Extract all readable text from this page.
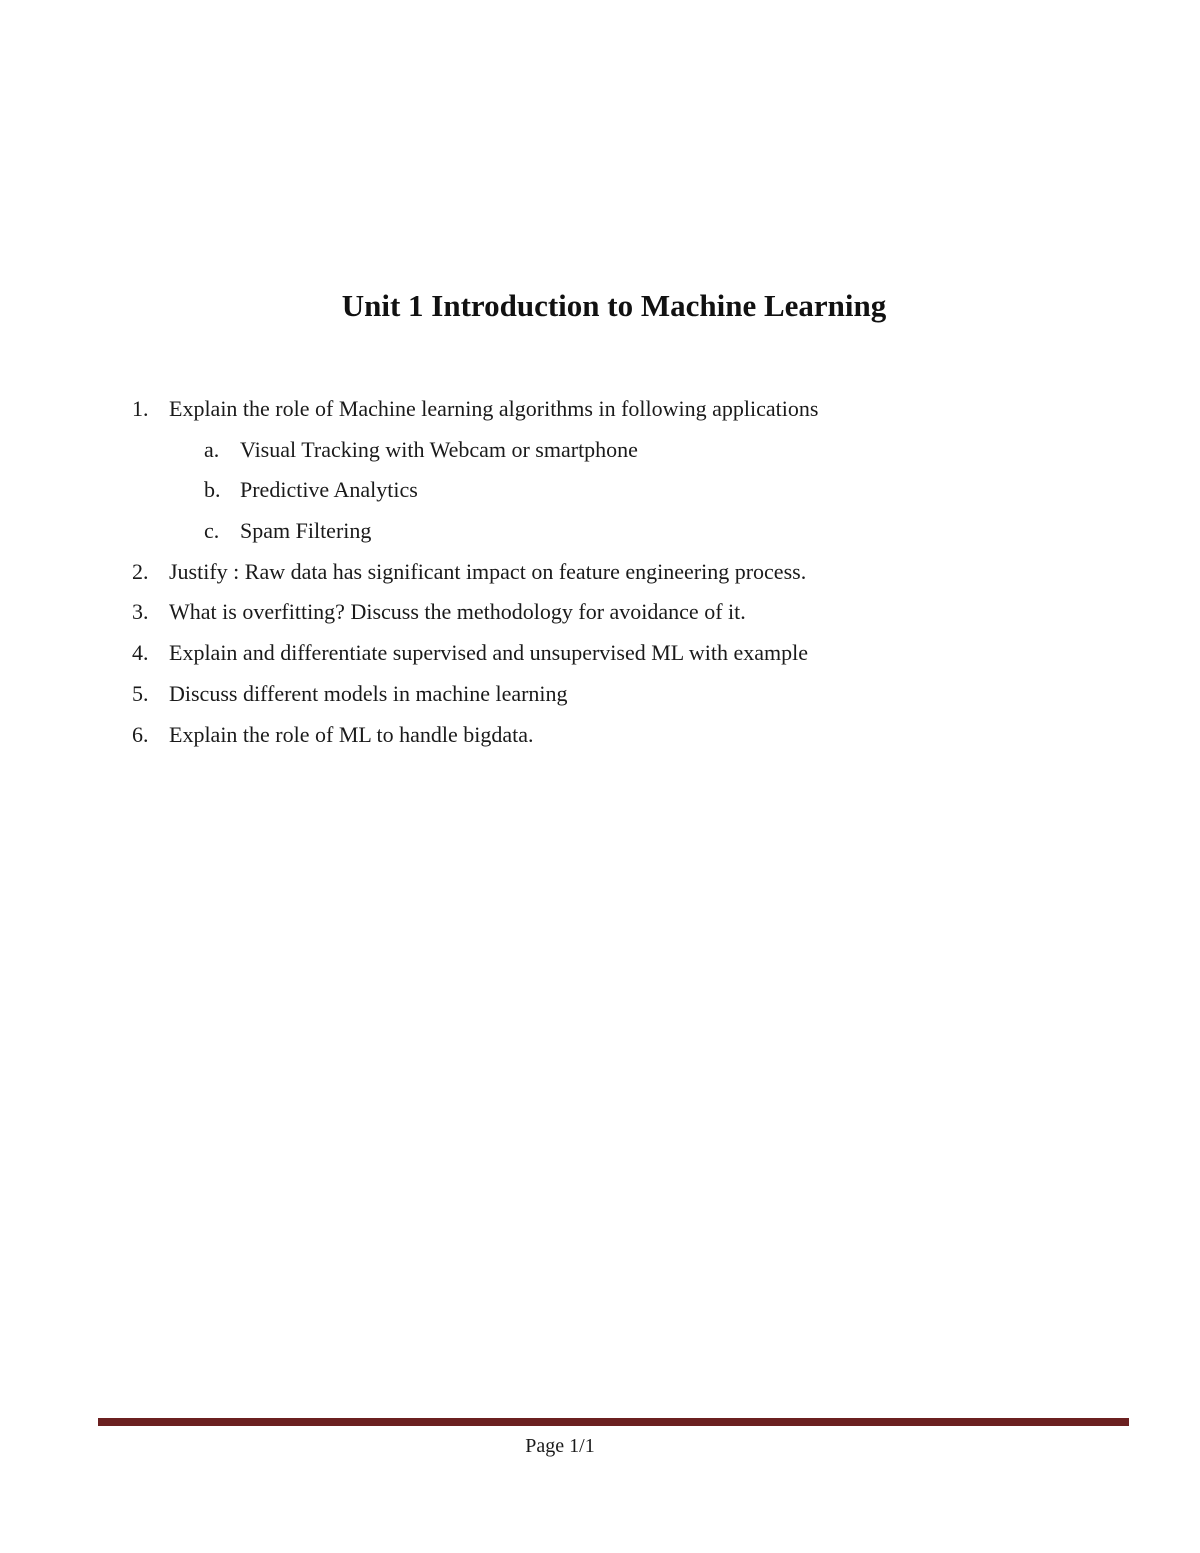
Unit 1 Introduction to Machine Learning
1. Explain the role of Machine learning algorithms in following applications
a. Visual Tracking with Webcam or smartphone
b. Predictive Analytics
c. Spam Filtering
2. Justify : Raw data has significant impact on feature engineering process.
3. What is overfitting? Discuss the methodology for avoidance of it.
4. Explain and differentiate supervised and unsupervised ML with example
5. Discuss different models in machine learning
6. Explain the role of ML to handle bigdata.
Page 1/1
